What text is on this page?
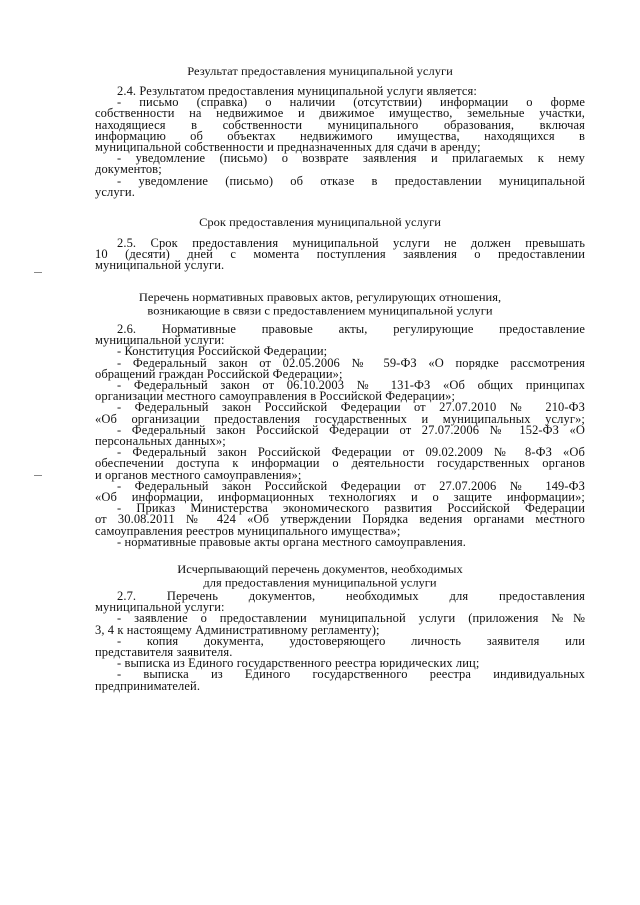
Результат предоставления муниципальной услуги
2.4. Результатом предоставления муниципальной услуги является:
- письмо (справка) о наличии (отсутствии) информации о форме
собственности на недвижимое и движимое имущество, земельные участки,
находящиеся в собственности муниципального образования, включая
информацию об объектах недвижимого имущества, находящихся в
муниципальной собственности и предназначенных для сдачи в аренду;
- уведомление (письмо) о возврате заявления и прилагаемых к нему
документов;
- уведомление (письмо) об отказе в предоставлении муниципальной
услуги.
Срок предоставления муниципальной услуги
2.5. Срок предоставления муниципальной услуги не должен превышать
10 (десяти) дней с момента поступления заявления о предоставлении
муниципальной услуги.
Перечень нормативных правовых актов, регулирующих отношения,
возникающие в связи с предоставлением муниципальной услуги
2.6. Нормативные правовые акты, регулирующие предоставление
муниципальной услуги:
- Конституция Российской Федерации;
- Федеральный закон от 02.05.2006 № 59-ФЗ «О порядке рассмотрения
обращений граждан Российской Федерации»;
- Федеральный закон от 06.10.2003 № 131-ФЗ «Об общих принципах
организации местного самоуправления в Российской Федерации»;
- Федеральный закон Российской Федерации от 27.07.2010 № 210-ФЗ
«Об организации предоставления государственных и муниципальных услуг»;
- Федеральный закон Российской Федерации от 27.07.2006 № 152-ФЗ «О
персональных данных»;
- Федеральный закон Российской Федерации от 09.02.2009 № 8-ФЗ «Об
обеспечении доступа к информации о деятельности государственных органов
и органов местного самоуправления»;
- Федеральный закон Российской Федерации от 27.07.2006 № 149-ФЗ
«Об информации, информационных технологиях и о защите информации»;
- Приказ Министерства экономического развития Российской Федерации
от 30.08.2011 № 424 «Об утверждении Порядка ведения органами местного
самоуправления реестров муниципального имущества»;
- нормативные правовые акты органа местного самоуправления.
Исчерпывающий перечень документов, необходимых
для предоставления муниципальной услуги
2.7. Перечень документов, необходимых для предоставления
муниципальной услуги:
- заявление о предоставлении муниципальной услуги (приложения №№
3, 4 к настоящему Административному регламенту);
- копия документа, удостоверяющего личность заявителя или
представителя заявителя.
- выписка из Единого государственного реестра юридических лиц;
- выписка из Единого государственного реестра индивидуальных
предпринимателей.
